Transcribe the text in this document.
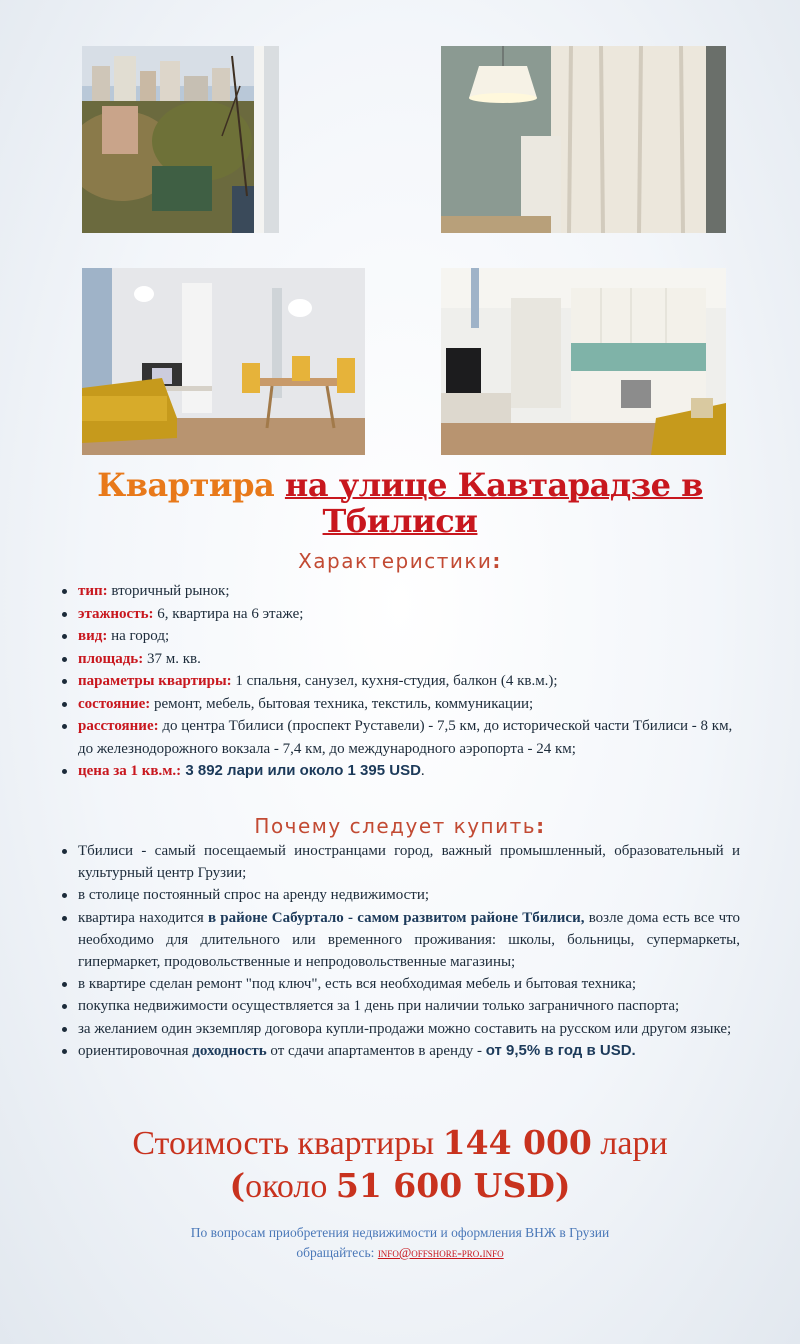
Квартира на улице Кавтарадзе в Тбилиси
Характеристики:
тип: вторичный рынок;
этажность: 6, квартира на 6 этаже;
вид: на город;
площадь: 37 м. кв.
параметры квартиры: 1 спальня, санузел, кухня-студия, балкон (4 кв.м.);
состояние: ремонт, мебель, бытовая техника, текстиль, коммуникации;
расстояние: до центра Тбилиси (проспект Руставели) - 7,5 км, до исторической части Тбилиси - 8 км, до железнодорожного вокзала - 7,4 км, до международного аэропорта - 24 км;
цена за 1 кв.м.: 3 892 лари или около 1 395 USD.
Почему следует купить:
Тбилиси - самый посещаемый иностранцами город, важный промышленный, образовательный и культурный центр Грузии;
в столице постоянный спрос на аренду недвижимости;
квартира находится в районе Сабуртало - самом развитом районе Тбилиси, возле дома есть все что необходимо для длительного или временного проживания: школы, больницы, супермаркеты, гипермаркет, продовольственные и непродовольственные магазины;
в квартире сделан ремонт "под ключ", есть вся необходимая мебель и бытовая техника;
покупка недвижимости осуществляется за 1 день при наличии только заграничного паспорта;
за желанием один экземпляр договора купли-продажи можно составить на русском или другом языке;
ориентировочная доходность от сдачи апартаментов в аренду - от 9,5% в год в USD.
Стоимость квартиры 144 000 лари
(около 51 600 USD)
По вопросам приобретения недвижимости и оформления ВНЖ в Грузии
обращайтесь: info@offshore-pro.info
